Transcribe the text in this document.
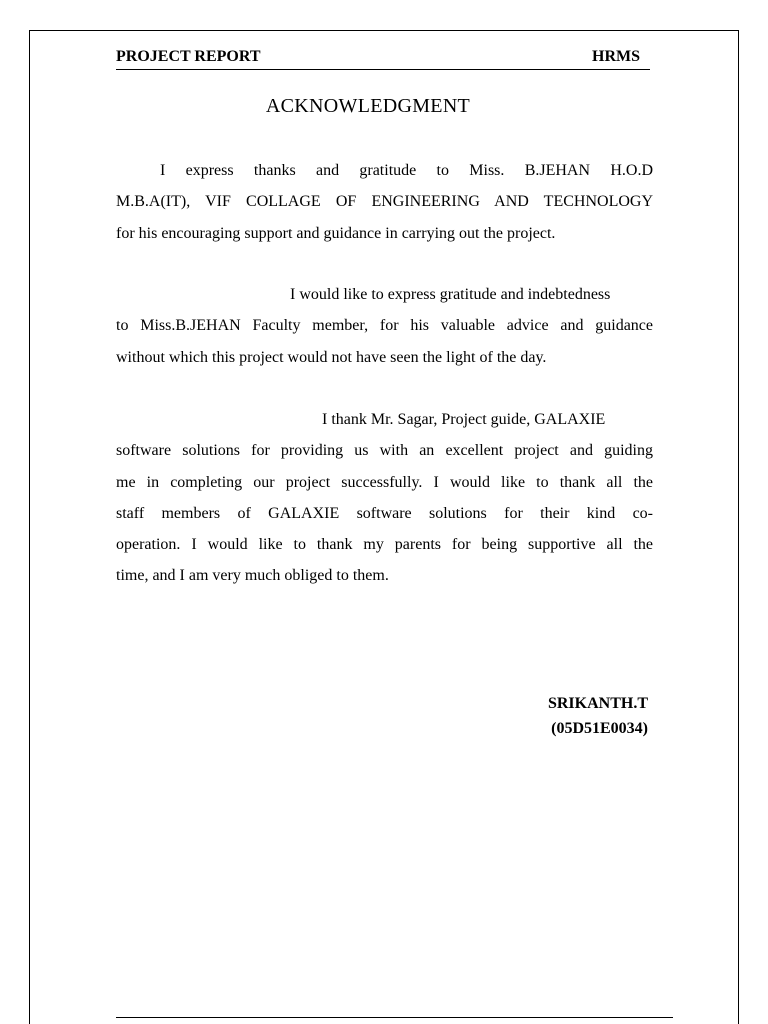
PROJECT REPORT	HRMS
ACKNOWLEDGMENT
I express thanks and gratitude to Miss. B.JEHAN H.O.D
M.B.A(IT), VIF COLLAGE OF ENGINEERING AND TECHNOLOGY
for his encouraging support and guidance in carrying out the project.
I would like to express gratitude and indebtedness
to Miss.B.JEHAN Faculty member, for his valuable advice and guidance
without which this project would not have seen the light of the day.
I thank Mr. Sagar, Project guide, GALAXIE
software solutions for providing us with an excellent project and guiding
me in completing our project successfully. I would like to thank all the
staff members of GALAXIE software solutions for their kind co-
operation. I would like to thank my parents for being supportive all the
time, and I am very much obliged to them.
SRIKANTH.T
(05D51E0034)
